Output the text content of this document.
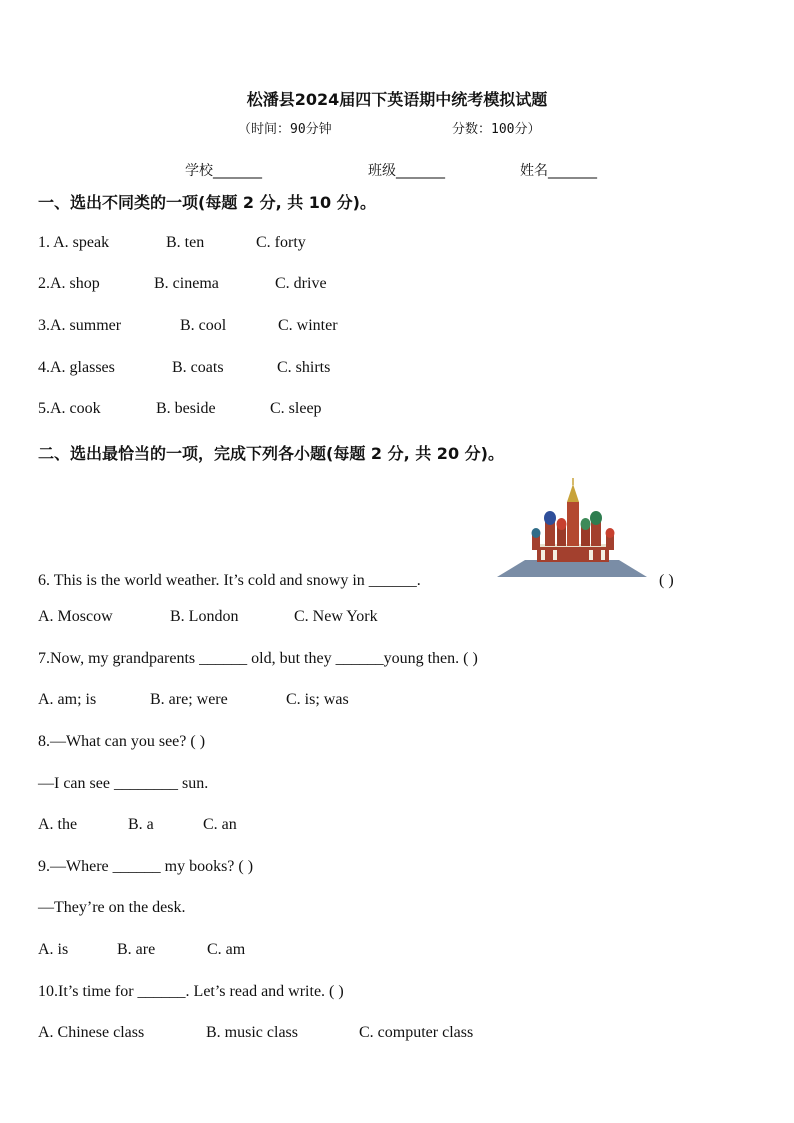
松潘县2024届四下英语期中统考模拟试题
（时间：90分钟	分数：100分）
学校_______	班级_______	姓名_______
一、选出不同类的一项(每题 2 分, 共 10 分)。
1. A. speak	B. ten	C. forty
2.A. shop	B. cinema	C. drive
3.A. summer	B. cool	C. winter
4.A. glasses	B. coats	C. shirts
5.A. cook	B. beside	C. sleep
二、选出最恰当的一项，完成下列各小题(每题 2 分, 共 20 分)。
6. This is the world weather. It’s cold and snowy in ______.	( )
A. Moscow	B. London	C. New York
7.Now, my grandparents ______ old, but they ______young then. ( )
A. am; is	B. are; were	C. is; was
8.—What can you see? ( )
—I can see ________ sun.
A. the	B. a	C. an
9.—Where ______ my books? ( )
—They’re on the desk.
A. is	B. are	C. am
10.It’s time for ______. Let’s read and write. ( )
A. Chinese class	B. music class	C. computer class
